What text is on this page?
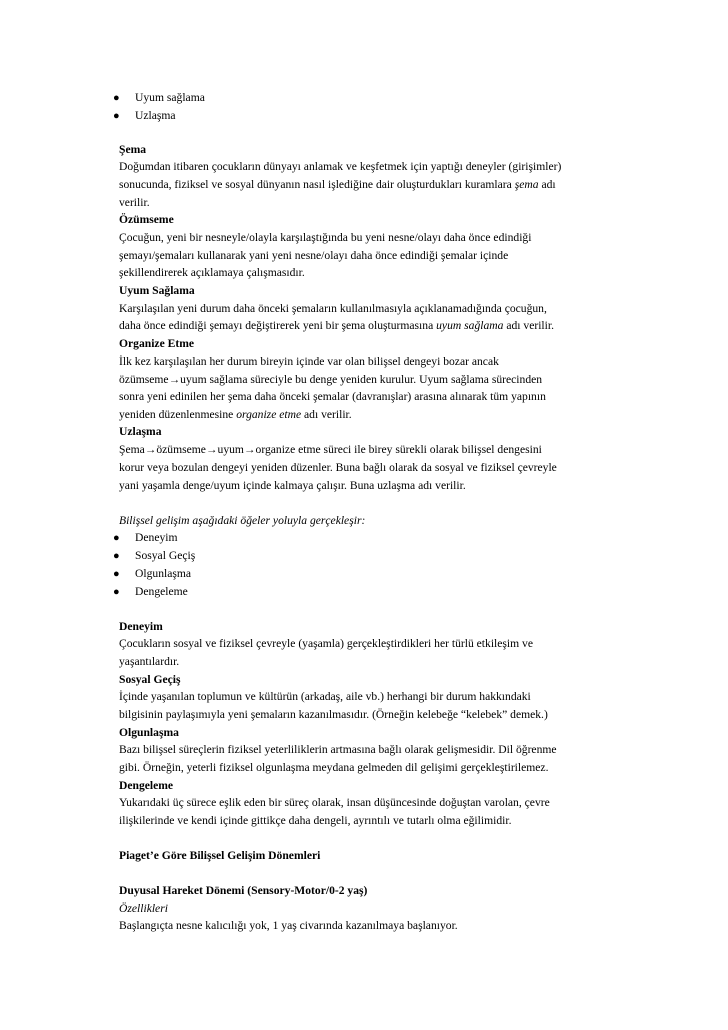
● Uyum sağlama
● Uzlaşma
Şema
Doğumdan itibaren çocukların dünyayı anlamak ve keşfetmek için yaptığı deneyler (girişimler)
sonucunda, fiziksel ve sosyal dünyanın nasıl işlediğine dair oluşturdukları kuramlara şema adı
verilir.
Özümseme
Çocuğun, yeni bir nesneyle/olayla karşılaştığında bu yeni nesne/olayı daha önce edindiği
şemayı/şemaları kullanarak yani yeni nesne/olayı daha önce edindiği şemalar içinde
şekillendirerek açıklamaya çalışmasıdır.
Uyum Sağlama
Karşılaşılan yeni durum daha önceki şemaların kullanılmasıyla açıklanamadığında çocuğun,
daha önce edindiği şemayı değiştirerek yeni bir şema oluşturmasına uyum sağlama adı verilir.
Organize Etme
İlk kez karşılaşılan her durum bireyin içinde var olan bilişsel dengeyi bozar ancak
özümseme→uyum sağlama süreciyle bu denge yeniden kurulur. Uyum sağlama sürecinden
sonra yeni edinilen her şema daha önceki şemalar (davranışlar) arasına alınarak tüm yapının
yeniden düzenlenmesine organize etme adı verilir.
Uzlaşma
Şema→özümseme→uyum→organize etme süreci ile birey sürekli olarak bilişsel dengesini
korur veya bozulan dengeyi yeniden düzenler. Buna bağlı olarak da sosyal ve fiziksel çevreyle
yani yaşamla denge/uyum içinde kalmaya çalışır. Buna uzlaşma adı verilir.
Bilişsel gelişim aşağıdaki öğeler yoluyla gerçekleşir:
● Deneyim
● Sosyal Geçiş
● Olgunlaşma
● Dengeleme
Deneyim
Çocukların sosyal ve fiziksel çevreyle (yaşamla) gerçekleştirdikleri her türlü etkileşim ve
yaşantılardır.
Sosyal Geçiş
İçinde yaşanılan toplumun ve kültürün (arkadaş, aile vb.) herhangi bir durum hakkındaki
bilgisinin paylaşımıyla yeni şemaların kazanılmasıdır. (Örneğin kelebeğe “kelebek” demek.)
Olgunlaşma
Bazı bilişsel süreçlerin fiziksel yeterliliklerin artmasına bağlı olarak gelişmesidir. Dil öğrenme
gibi. Örneğin, yeterli fiziksel olgunlaşma meydana gelmeden dil gelişimi gerçekleştirilemez.
Dengeleme
Yukarıdaki üç sürece eşlik eden bir süreç olarak, insan düşüncesinde doğuştan varolan, çevre
ilişkilerinde ve kendi içinde gittikçe daha dengeli, ayrıntılı ve tutarlı olma eğilimidir.
Piaget’e Göre Bilişsel Gelişim Dönemleri
Duyusal Hareket Dönemi (Sensory-Motor/0-2 yaş)
Özellikleri
Başlangıçta nesne kalıcılığı yok, 1 yaş civarında kazanılmaya başlanıyor.
